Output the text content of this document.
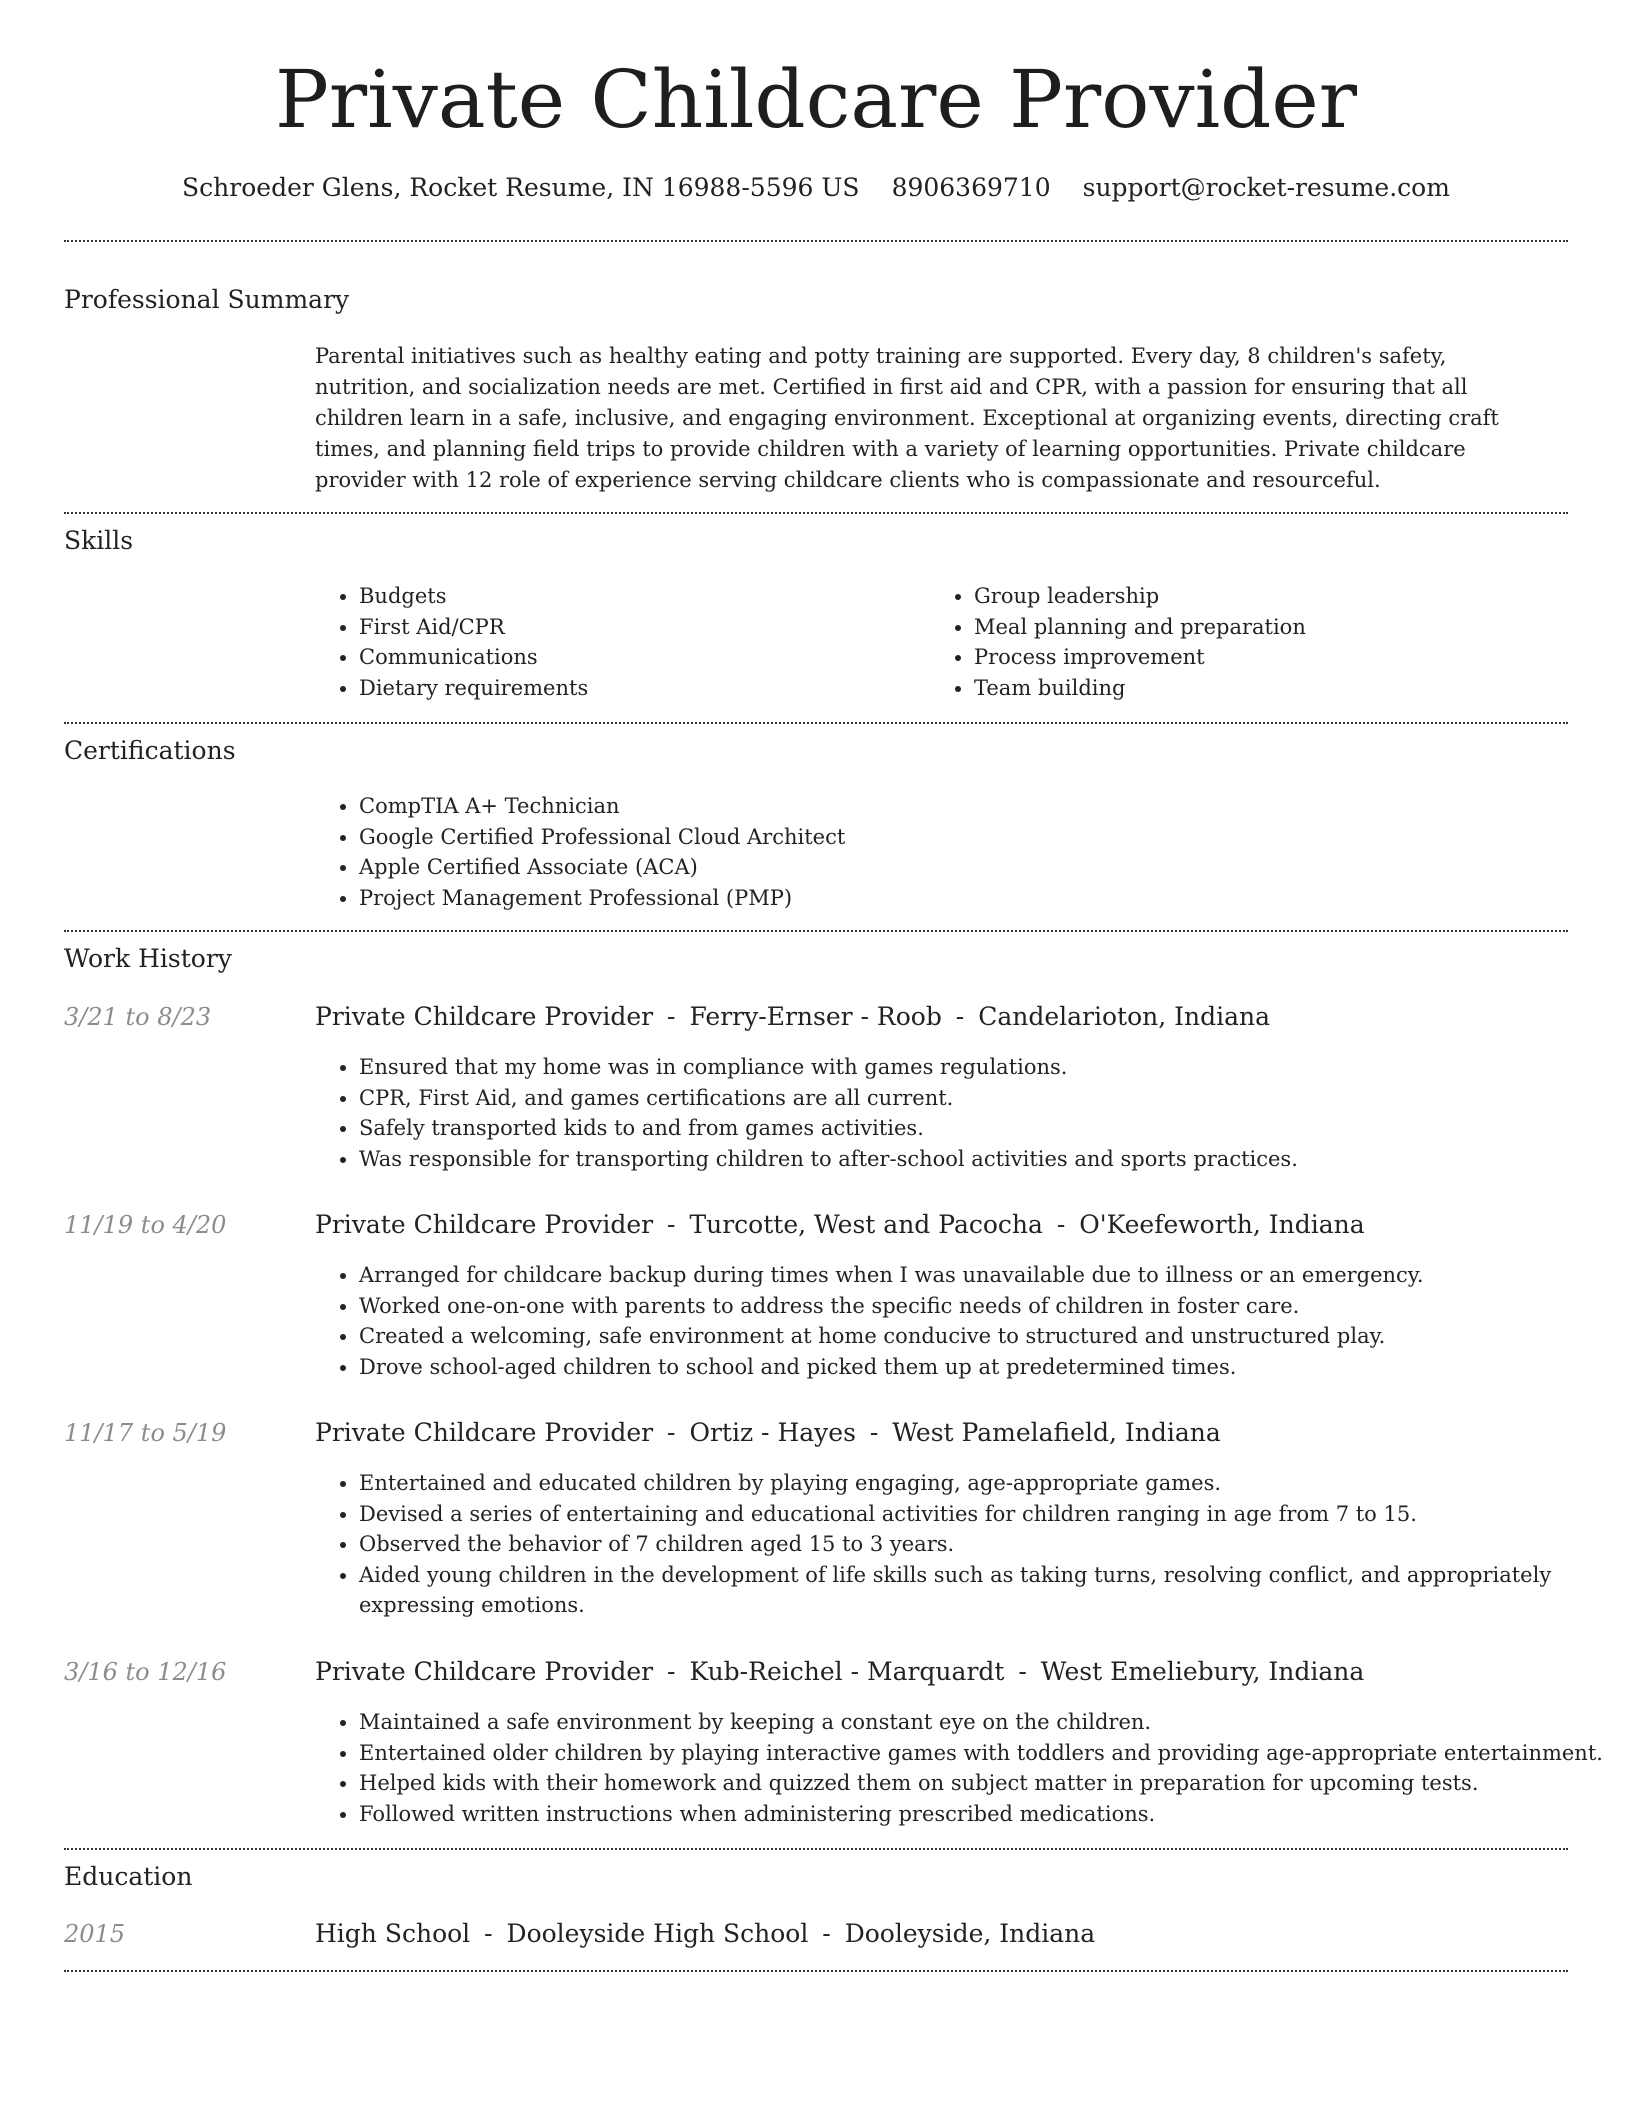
Private Childcare Provider
Schroeder Glens, Rocket Resume, IN 16988-5596 US 8906369710 support@rocket-resume.com
Professional Summary
Parental initiatives such as healthy eating and potty training are supported. Every day, 8 children's safety, nutrition, and socialization needs are met. Certified in first aid and CPR, with a passion for ensuring that all children learn in a safe, inclusive, and engaging environment. Exceptional at organizing events, directing craft times, and planning field trips to provide children with a variety of learning opportunities. Private childcare provider with 12 role of experience serving childcare clients who is compassionate and resourceful.
Skills
• Budgets
• First Aid/CPR
• Communications
• Dietary requirements
• Group leadership
• Meal planning and preparation
• Process improvement
• Team building
Certifications
• CompTIA A+ Technician
• Google Certified Professional Cloud Architect
• Apple Certified Associate (ACA)
• Project Management Professional (PMP)
Work History
3/21 to 8/23	Private Childcare Provider - Ferry-Ernser - Roob - Candelarioton, Indiana
• Ensured that my home was in compliance with games regulations.
• CPR, First Aid, and games certifications are all current.
• Safely transported kids to and from games activities.
• Was responsible for transporting children to after-school activities and sports practices.
11/19 to 4/20	Private Childcare Provider - Turcotte, West and Pacocha - O'Keefeworth, Indiana
• Arranged for childcare backup during times when I was unavailable due to illness or an emergency.
• Worked one-on-one with parents to address the specific needs of children in foster care.
• Created a welcoming, safe environment at home conducive to structured and unstructured play.
• Drove school-aged children to school and picked them up at predetermined times.
11/17 to 5/19	Private Childcare Provider - Ortiz - Hayes - West Pamelafield, Indiana
• Entertained and educated children by playing engaging, age-appropriate games.
• Devised a series of entertaining and educational activities for children ranging in age from 7 to 15.
• Observed the behavior of 7 children aged 15 to 3 years.
• Aided young children in the development of life skills such as taking turns, resolving conflict, and appropriately expressing emotions.
3/16 to 12/16	Private Childcare Provider - Kub-Reichel - Marquardt - West Emeliebury, Indiana
• Maintained a safe environment by keeping a constant eye on the children.
• Entertained older children by playing interactive games with toddlers and providing age-appropriate entertainment.
• Helped kids with their homework and quizzed them on subject matter in preparation for upcoming tests.
• Followed written instructions when administering prescribed medications.
Education
2015	High School - Dooleyside High School - Dooleyside, Indiana
